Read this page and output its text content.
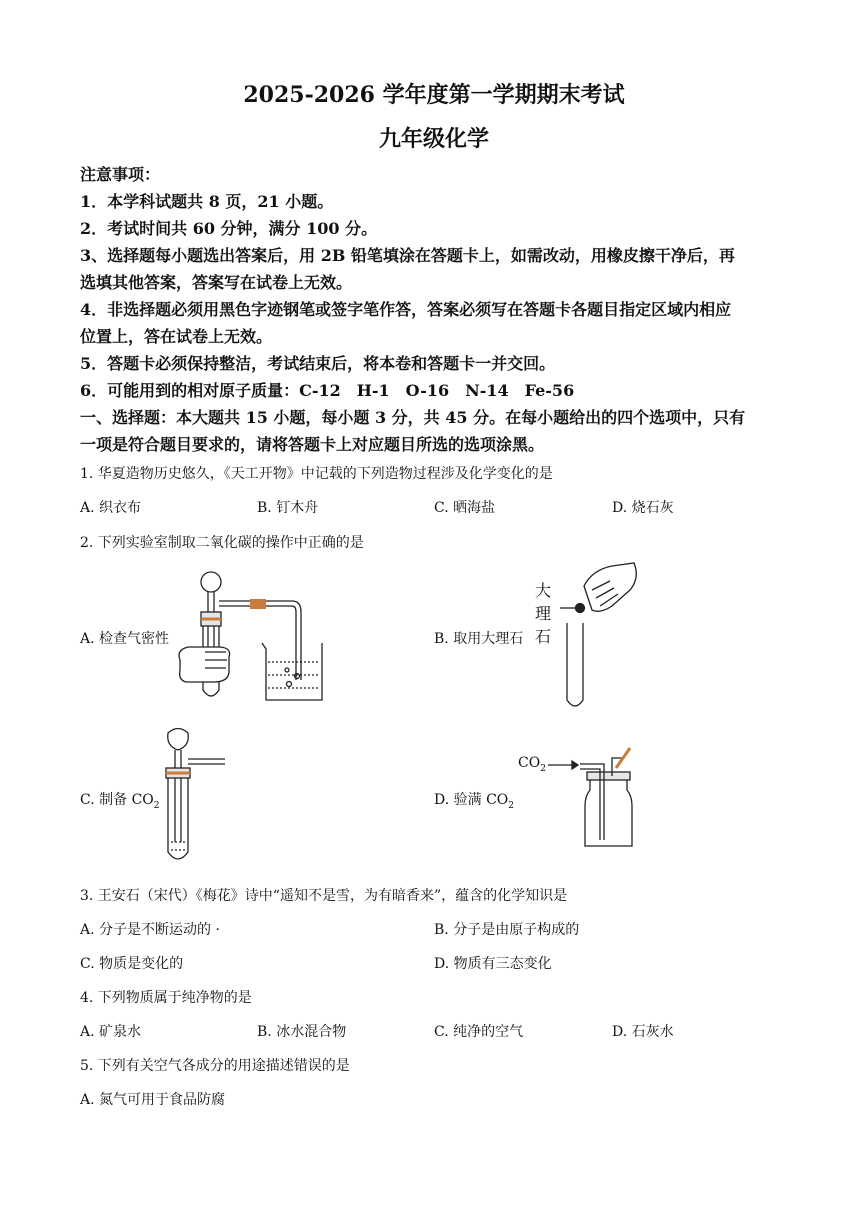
2025-2026 学年度第一学期期末考试
九年级化学
注意事项：
1．本学科试题共 8 页，21 小题。
2．考试时间共 60 分钟，满分 100 分。
3、选择题每小题选出答案后，用 2B 铅笔填涂在答题卡上，如需改动，用橡皮擦干净后，再
选填其他答案，答案写在试卷上无效。
4．非选择题必须用黑色字迹钢笔或签字笔作答，答案必须写在答题卡各题目指定区域内相应
位置上，答在试卷上无效。
5．答题卡必须保持整洁，考试结束后，将本卷和答题卡一并交回。
6．可能用到的相对原子质量：C-12　H-1　O-16　N-14　Fe-56
一、选择题：本大题共 15 小题，每小题 3 分，共 45 分。在每小题给出的四个选项中，只有
一项是符合题目要求的，请将答题卡上对应题目所选的选项涂黑。
1. 华夏造物历史悠久，《天工开物》中记载的下列造物过程涉及化学变化的是
A. 织衣布	B. 钉木舟	C. 晒海盐	D. 烧石灰
2. 下列实验室制取二氧化碳的操作中正确的是
A. 检查气密性	B. 取用大理石
大
理
石
C. 制备 $CO_2$	D. 验满 $CO_2$
$CO_2$
3. 王安石（宋代）《梅花》诗中“遥知不是雪，为有暗香来”，蕴含的化学知识是
A. 分子是不断运动的 ·	B. 分子是由原子构成的
C. 物质是变化的	D. 物质有三态变化
4. 下列物质属于纯净物的是
A. 矿泉水	B. 冰水混合物	C. 纯净的空气	D. 石灰水
5. 下列有关空气各成分的用途描述错误的是
A. 氮气可用于食品防腐
